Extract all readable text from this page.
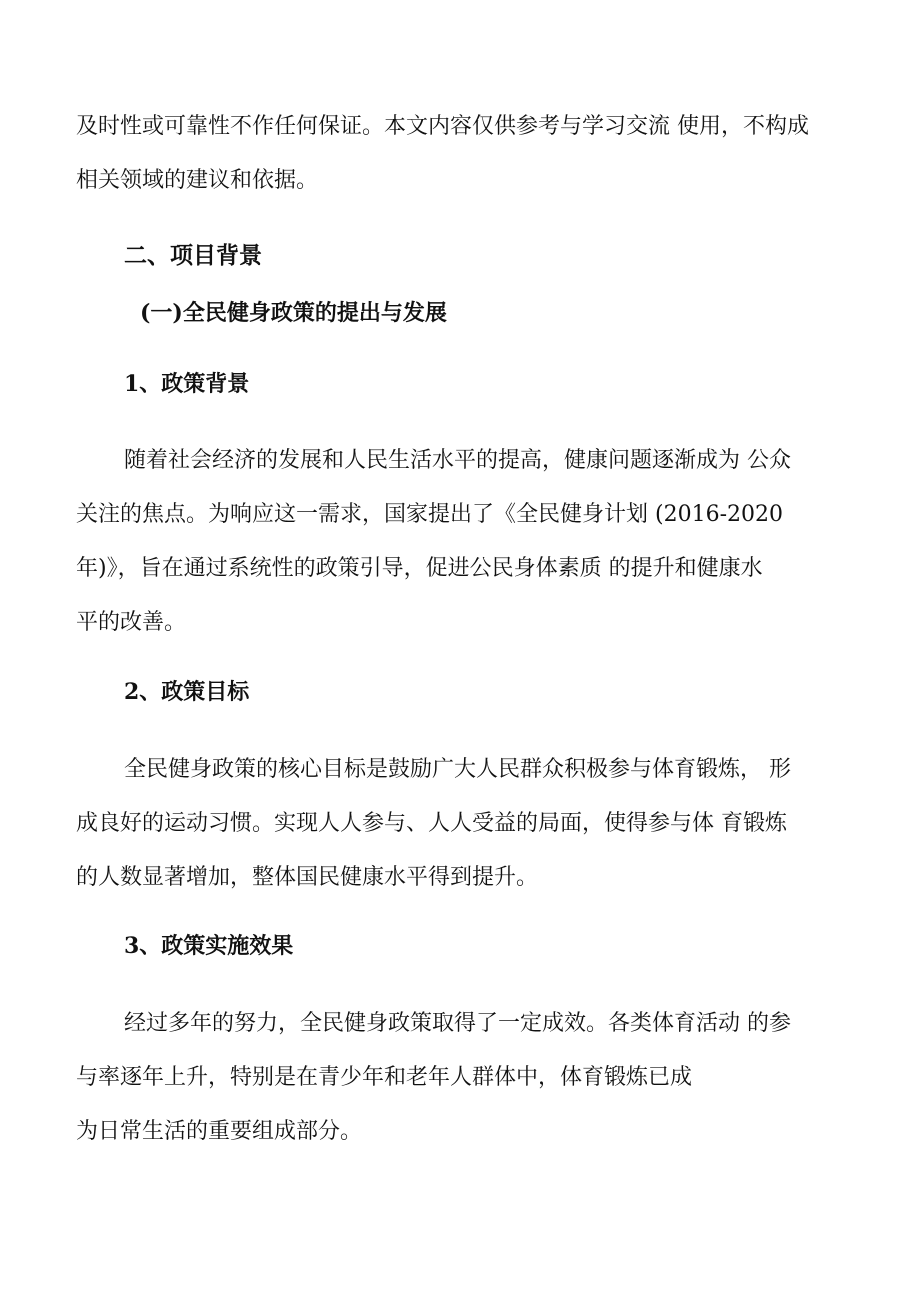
及时性或可靠性不作任何保证。本文内容仅供参考与学习交流 使用，不构成

相关领域的建议和依据。

二、项目背景
(一)全民健身政策的提出与发展
1、政策背景

随着社会经济的发展和人民生活水平的提高，健康问题逐渐成为 公众

关注的焦点。为响应这一需求，国家提出了《全民健身计划 (2016-2020

年)》，旨在通过系统性的政策引导，促进公民身体素质 的提升和健康水

平的改善。

2、政策目标

全民健身政策的核心目标是鼓励广大人民群众积极参与体育锻炼， 形

成良好的运动习惯。实现人人参与、人人受益的局面，使得参与体 育锻炼

的人数显著增加，整体国民健康水平得到提升。

3、政策实施效果

经过多年的努力，全民健身政策取得了一定成效。各类体育活动 的参

与率逐年上升，特别是在青少年和老年人群体中，体育锻炼已成

为日常生活的重要组成部分。
